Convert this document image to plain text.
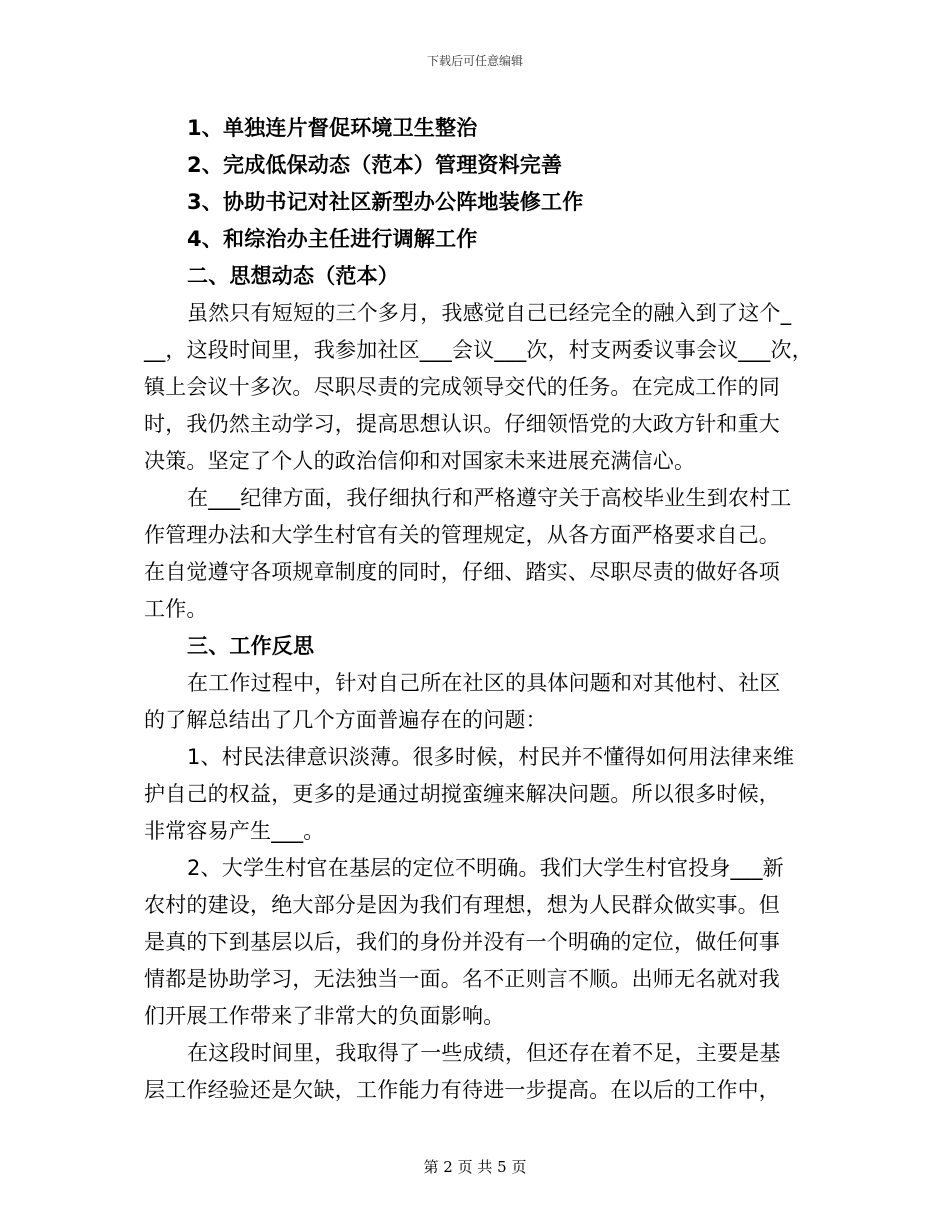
下载后可任意编辑
1、单独连片督促环境卫生整治
2、完成低保动态（范本）管理资料完善
3、协助书记对社区新型办公阵地装修工作
4、和综治办主任进行调解工作
二、思想动态（范本）
虽然只有短短的三个多月，我感觉自己已经完全的融入到了这个_
__，这段时间里，我参加社区___会议___次，村支两委议事会议___次，
镇上会议十多次。尽职尽责的完成领导交代的任务。在完成工作的同
时，我仍然主动学习，提高思想认识。仔细领悟党的大政方针和重大
决策。坚定了个人的政治信仰和对国家未来进展充满信心。
在___纪律方面，我仔细执行和严格遵守关于高校毕业生到农村工
作管理办法和大学生村官有关的管理规定，从各方面严格要求自己。
在自觉遵守各项规章制度的同时，仔细、踏实、尽职尽责的做好各项
工作。
三、工作反思
在工作过程中，针对自己所在社区的具体问题和对其他村、社区
的了解总结出了几个方面普遍存在的问题：
1、村民法律意识淡薄。很多时候，村民并不懂得如何用法律来维
护自己的权益，更多的是通过胡搅蛮缠来解决问题。所以很多时候，
非常容易产生___。
2、大学生村官在基层的定位不明确。我们大学生村官投身___新
农村的建设，绝大部分是因为我们有理想，想为人民群众做实事。但
是真的下到基层以后，我们的身份并没有一个明确的定位，做任何事
情都是协助学习，无法独当一面。名不正则言不顺。出师无名就对我
们开展工作带来了非常大的负面影响。
在这段时间里，我取得了一些成绩，但还存在着不足，主要是基
层工作经验还是欠缺，工作能力有待进一步提高。在以后的工作中，
第 2 页 共 5 页
